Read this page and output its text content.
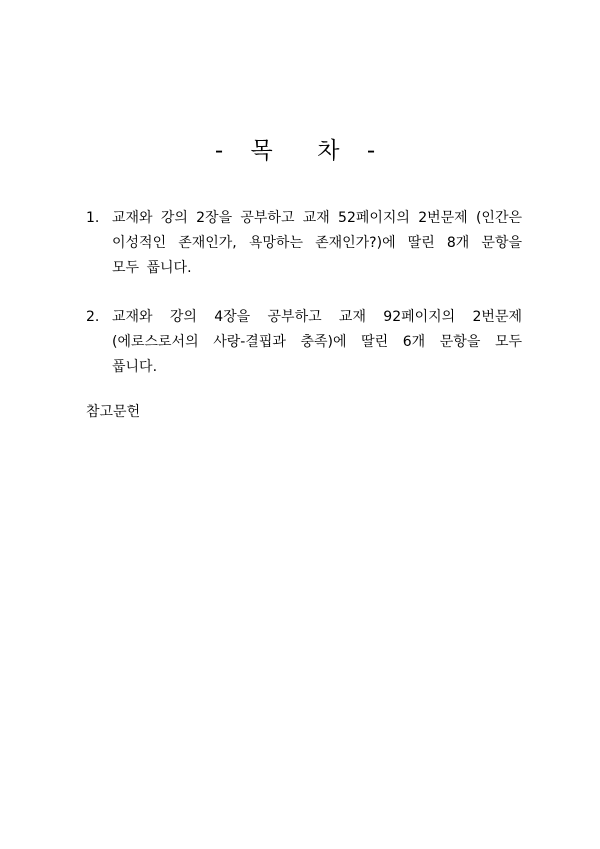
- 목  차 -
1. 교재와 강의 2장을 공부하고 교재 52페이지의 2번문제 (인간은 이성적인 존재인가, 욕망하는 존재인가?)에 딸린 8개 문항을 모두 풉니다.
2. 교재와 강의 4장을 공부하고 교재 92페이지의 2번문제 (에로스로서의 사랑-결핍과 충족)에 딸린 6개 문항을 모두 풉니다.
참고문헌
